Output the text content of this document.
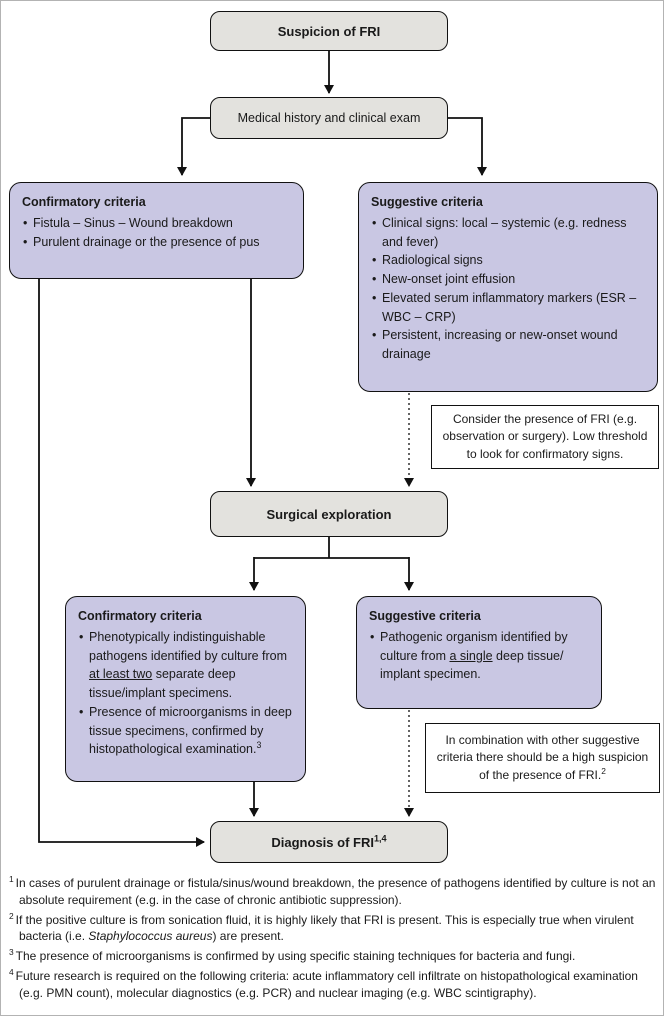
Suspicion of FRI
Medical history and clinical exam
Confirmatory criteria
• Fistula – Sinus – Wound breakdown
• Purulent drainage or the presence of pus
Suggestive criteria
• Clinical signs: local – systemic (e.g. redness and fever)
• Radiological signs
• New-onset joint effusion
• Elevated serum inflammatory markers (ESR – WBC – CRP)
• Persistent, increasing or new-onset wound drainage
Consider the presence of FRI (e.g. observation or surgery). Low threshold to look for confirmatory signs.
Surgical exploration
Confirmatory criteria
• Phenotypically indistinguishable pathogens identified by culture from at least two separate deep tissue/implant specimens.
• Presence of microorganisms in deep tissue specimens, confirmed by histopathological examination.$^3$
Suggestive criteria
• Pathogenic organism identified by culture from a single deep tissue/ implant specimen.
In combination with other suggestive criteria there should be a high suspicion of the presence of FRI.$^2$
Diagnosis of FRI$^{1,4}$

$^1$ In cases of purulent drainage or fistula/sinus/wound breakdown, the presence of pathogens identified by culture is not an absolute requirement (e.g. in the case of chronic antibiotic suppression).

$^2$ If the positive culture is from sonication fluid, it is highly likely that FRI is present. This is especially true when virulent bacteria (i.e. Staphylococcus aureus) are present.

$^3$ The presence of microorganisms is confirmed by using specific staining techniques for bacteria and fungi.

$^4$ Future research is required on the following criteria: acute inflammatory cell infiltrate on histopathological examination (e.g. PMN count), molecular diagnostics (e.g. PCR) and nuclear imaging (e.g. WBC scintigraphy).
